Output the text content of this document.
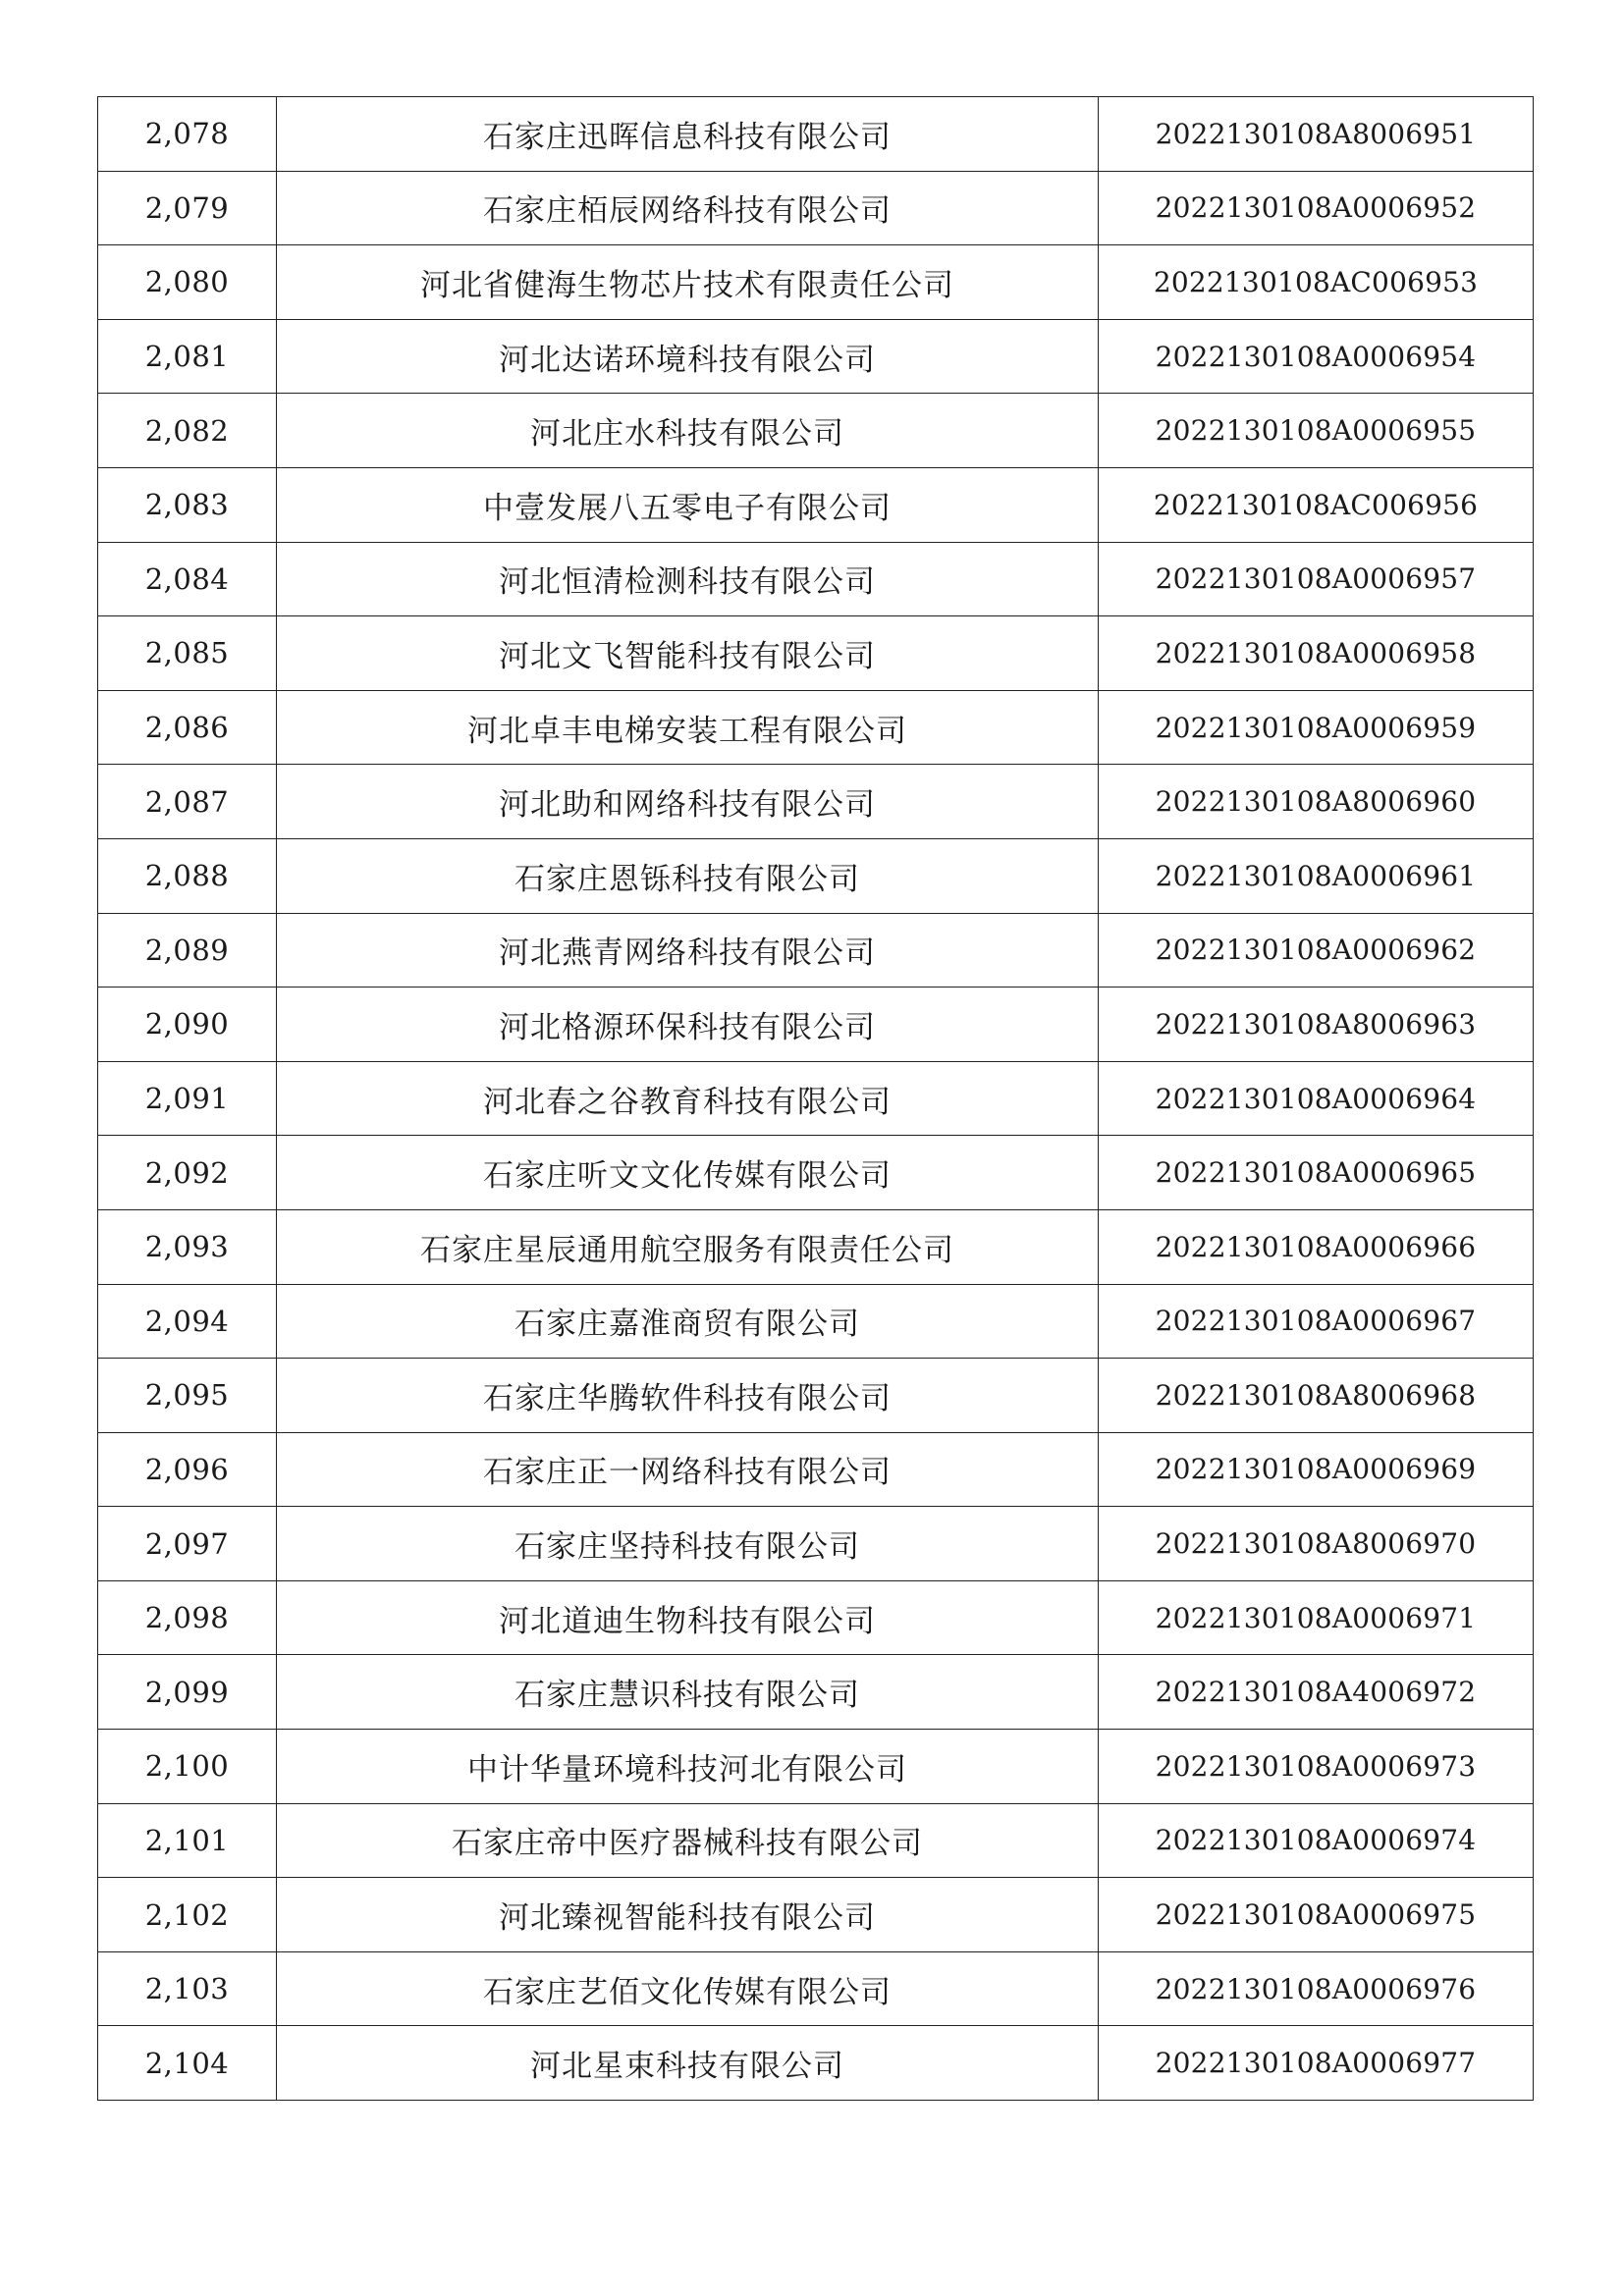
2,078	石家庄迅晖信息科技有限公司	2022130108A8006951
2,079	石家庄栢辰网络科技有限公司	2022130108A0006952
2,080	河北省健海生物芯片技术有限责任公司	2022130108AC006953
2,081	河北达诺环境科技有限公司	2022130108A0006954
2,082	河北庄水科技有限公司	2022130108A0006955
2,083	中壹发展八五零电子有限公司	2022130108AC006956
2,084	河北恒清检测科技有限公司	2022130108A0006957
2,085	河北文飞智能科技有限公司	2022130108A0006958
2,086	河北卓丰电梯安装工程有限公司	2022130108A0006959
2,087	河北助和网络科技有限公司	2022130108A8006960
2,088	石家庄恩铄科技有限公司	2022130108A0006961
2,089	河北燕青网络科技有限公司	2022130108A0006962
2,090	河北格源环保科技有限公司	2022130108A8006963
2,091	河北春之谷教育科技有限公司	2022130108A0006964
2,092	石家庄听文文化传媒有限公司	2022130108A0006965
2,093	石家庄星辰通用航空服务有限责任公司	2022130108A0006966
2,094	石家庄嘉淮商贸有限公司	2022130108A0006967
2,095	石家庄华腾软件科技有限公司	2022130108A8006968
2,096	石家庄正一网络科技有限公司	2022130108A0006969
2,097	石家庄坚持科技有限公司	2022130108A8006970
2,098	河北道迪生物科技有限公司	2022130108A0006971
2,099	石家庄慧识科技有限公司	2022130108A4006972
2,100	中计华量环境科技河北有限公司	2022130108A0006973
2,101	石家庄帝中医疗器械科技有限公司	2022130108A0006974
2,102	河北臻视智能科技有限公司	2022130108A0006975
2,103	石家庄艺佰文化传媒有限公司	2022130108A0006976
2,104	河北星束科技有限公司	2022130108A0006977
